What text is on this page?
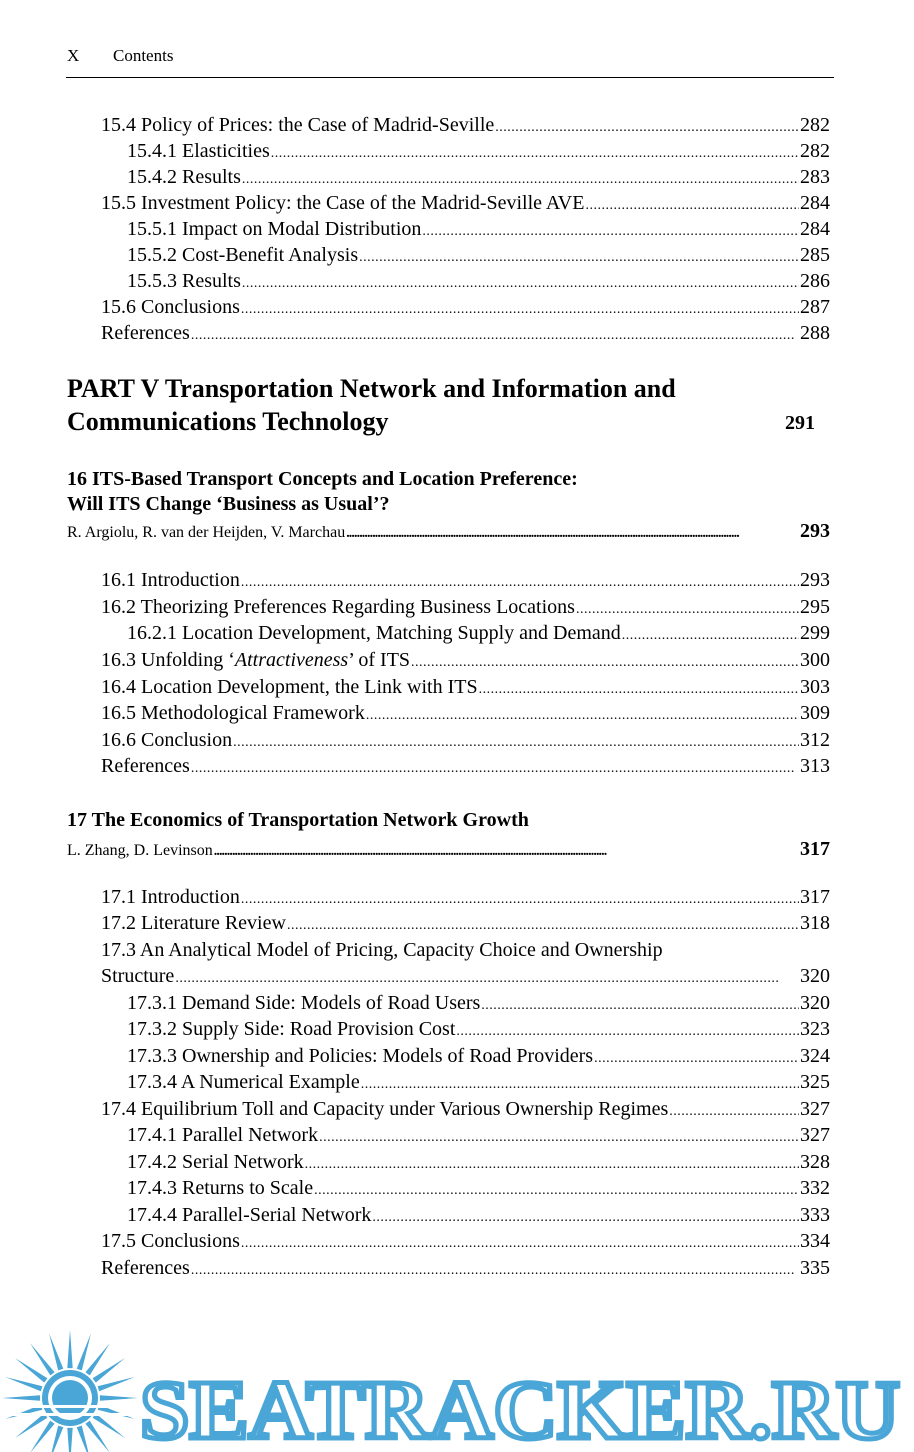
X Contents
15.4 Policy of Prices: the Case of Madrid-Seville . . .	282
15.4.1 Elasticities . . .	282
15.4.2 Results . . .	283
15.5 Investment Policy: the Case of the Madrid-Seville AVE . . .	284
15.5.1 Impact on Modal Distribution . . .	284
15.5.2 Cost-Benefit Analysis . . .	285
15.5.3 Results . . .	286
15.6 Conclusions . . .	287
References . . .	288
PART V Transportation Network and Information and
Communications Technology	291
16 ITS-Based Transport Concepts and Location Preference:
Will ITS Change ‘Business as Usual’?
R. Argiolu, R. van der Heijden, V. Marchau . . .	293
16.1 Introduction . . .	293
16.2 Theorizing Preferences Regarding Business Locations . . .	295
16.2.1 Location Development, Matching Supply and Demand . . .	299
16.3 Unfolding ‘Attractiveness’ of ITS . . .	300
16.4 Location Development, the Link with ITS . . .	303
16.5 Methodological Framework . . .	309
16.6 Conclusion . . .	312
References . . .	313
17 The Economics of Transportation Network Growth
L. Zhang, D. Levinson . . .	317
17.1 Introduction . . .	317
17.2 Literature Review . . .	318
17.3 An Analytical Model of Pricing, Capacity Choice and Ownership
Structure . . .	320
17.3.1 Demand Side: Models of Road Users . . .	320
17.3.2 Supply Side: Road Provision Cost . . .	323
17.3.3 Ownership and Policies: Models of Road Providers . . .	324
17.3.4 A Numerical Example . . .	325
17.4 Equilibrium Toll and Capacity under Various Ownership Regimes . . .	327
17.4.1 Parallel Network . . .	327
17.4.2 Serial Network . . .	328
17.4.3 Returns to Scale . . .	332
17.4.4 Parallel-Serial Network . . .	333
17.5 Conclusions . . .	334
References . . .	335
SEATRACKER.RU
